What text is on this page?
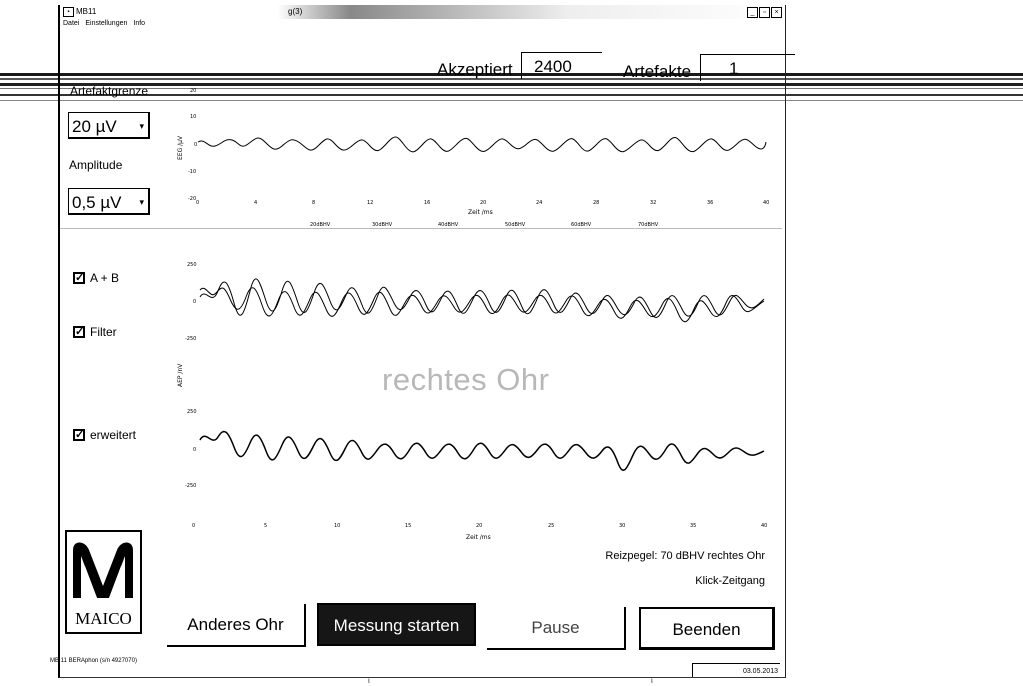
▪ MB11	g(3)	_	▫	×
Datei Einstellungen Info
Akzeptiert	2400	Artefakte	1
Artefaktgrenze
20 µV	▾
Amplitude
0,5 µV ▾
✓ A + B
✓ Filter
✓ erweitert
20
10
0
-10
-20
EEG /µV
0	4	8	12	16	20	24	28	32	36	40
Zeit /ms
20dBHV	30dBHV	40dBHV	50dBHV	60dBHV	70dBHV
250
0
-250
AEP /nV
250
0
-250
0	5	10	15	20	25	30	35	40
Zeit /ms
rechtes Ohr
Reizpegel: 70 dBHV rechtes Ohr
Klick-Zeitgang
MAICO	Anderes Ohr	Messung starten	Pause	Beenden
MB 11 BERAphon (s/n 4927070)
03.05.2013
ι	ι
